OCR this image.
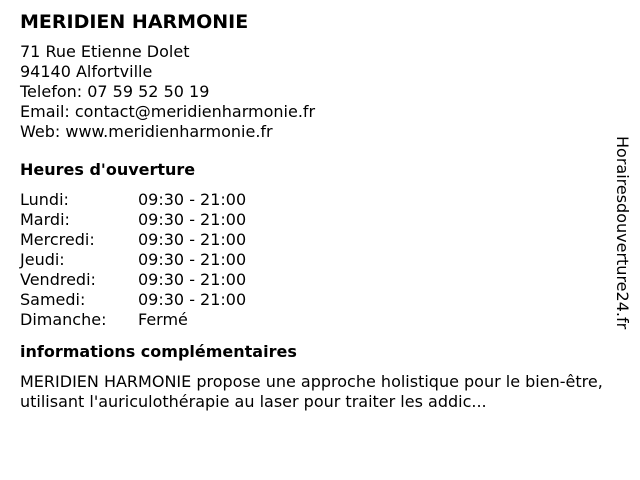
MERIDIEN HARMONIE
71 Rue Etienne Dolet
94140 Alfortville
Telefon: 07 59 52 50 19
Email: contact@meridienharmonie.fr
Web: www.meridienharmonie.fr
Heures d'ouverture
Lundi:	09:30 - 21:00
Mardi:	09:30 - 21:00
Mercredi:	09:30 - 21:00
Jeudi:	09:30 - 21:00
Vendredi:	09:30 - 21:00
Samedi:	09:30 - 21:00
Dimanche:	Fermé
informations complémentaires
MERIDIEN HARMONIE propose une approche holistique pour le bien-être, utilisant l'auriculothérapie au laser pour traiter les addic...
Horairesdouverture24.fr
